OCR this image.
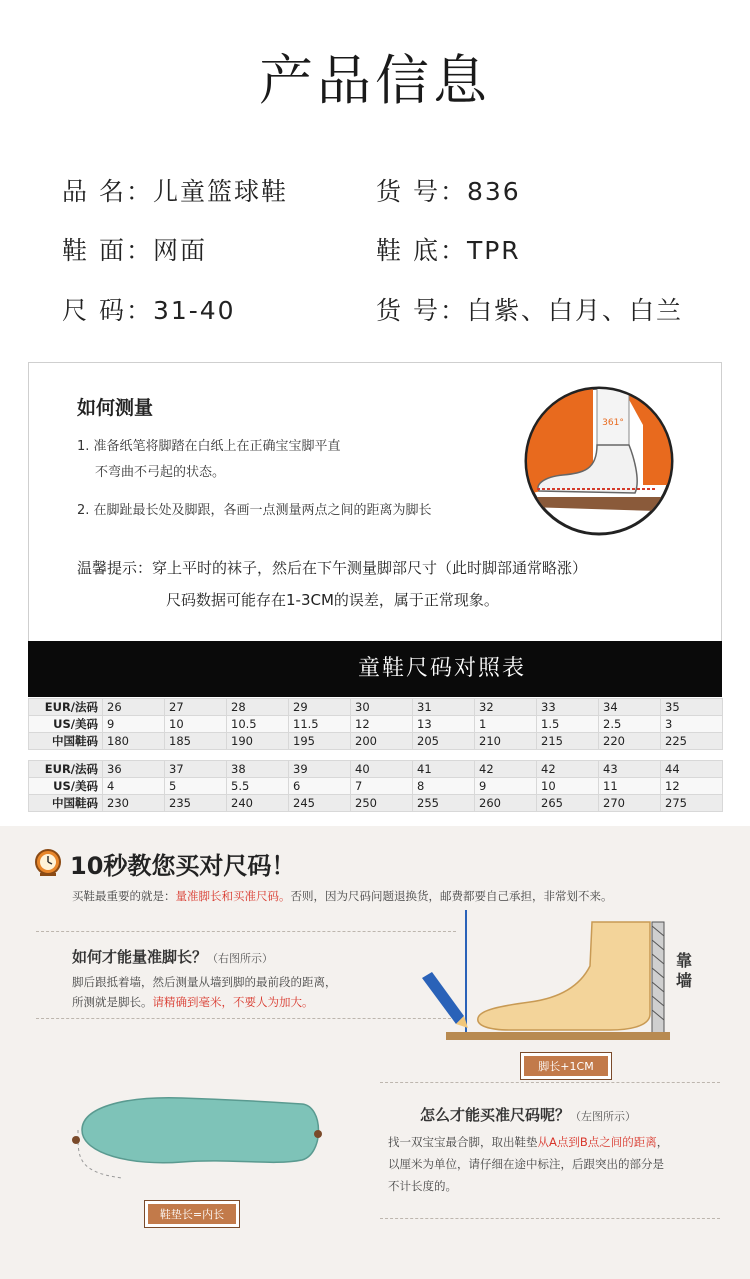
产品信息
品 名：儿童篮球鞋	货 号：836
鞋 面：网面	鞋 底：TPR
尺 码：31-40	货 号：白紫、白月、白兰
如何测量
1. 准备纸笔将脚踏在白纸上在正确宝宝脚平直
不弯曲不弓起的状态。
2. 在脚趾最长处及脚跟，各画一点测量两点之间的距离为脚长
温馨提示：穿上平时的袜子，然后在下午测量脚部尺寸（此时脚部通常略涨）
尺码数据可能存在1-3CM的误差，属于正常现象。
361°
童鞋尺码对照表
EUR/法码	26	27	28	29	30	31	32	33	34	35
US/美码	9	10	10.5	11.5	12	13	1	1.5	2.5	3
中国鞋码	180	185	190	195	200	205	210	215	220	225
EUR/法码	36	37	38	39	40	41	42	42	43	44
US/美码	4	5	5.5	6	7	8	9	10	11	12
中国鞋码	230	235	240	245	250	255	260	265	270	275
10秒教您买对尺码！
买鞋最重要的就是：量准脚长和买准尺码。否则，因为尺码问题退换货，邮费都要自己承担，非常划不来。
如何才能量准脚长？（右图所示）
脚后跟抵着墙，然后测量从墙到脚的最前段的距离，
所测就是脚长。请精确到毫米，不要人为加大。
靠墙
脚长+1CM
怎么才能买准尺码呢？（左图所示）
找一双宝宝最合脚，取出鞋垫从A点到B点之间的距离，
以厘米为单位，请仔细在途中标注，后跟突出的部分是
不计长度的。
鞋垫长=内长
